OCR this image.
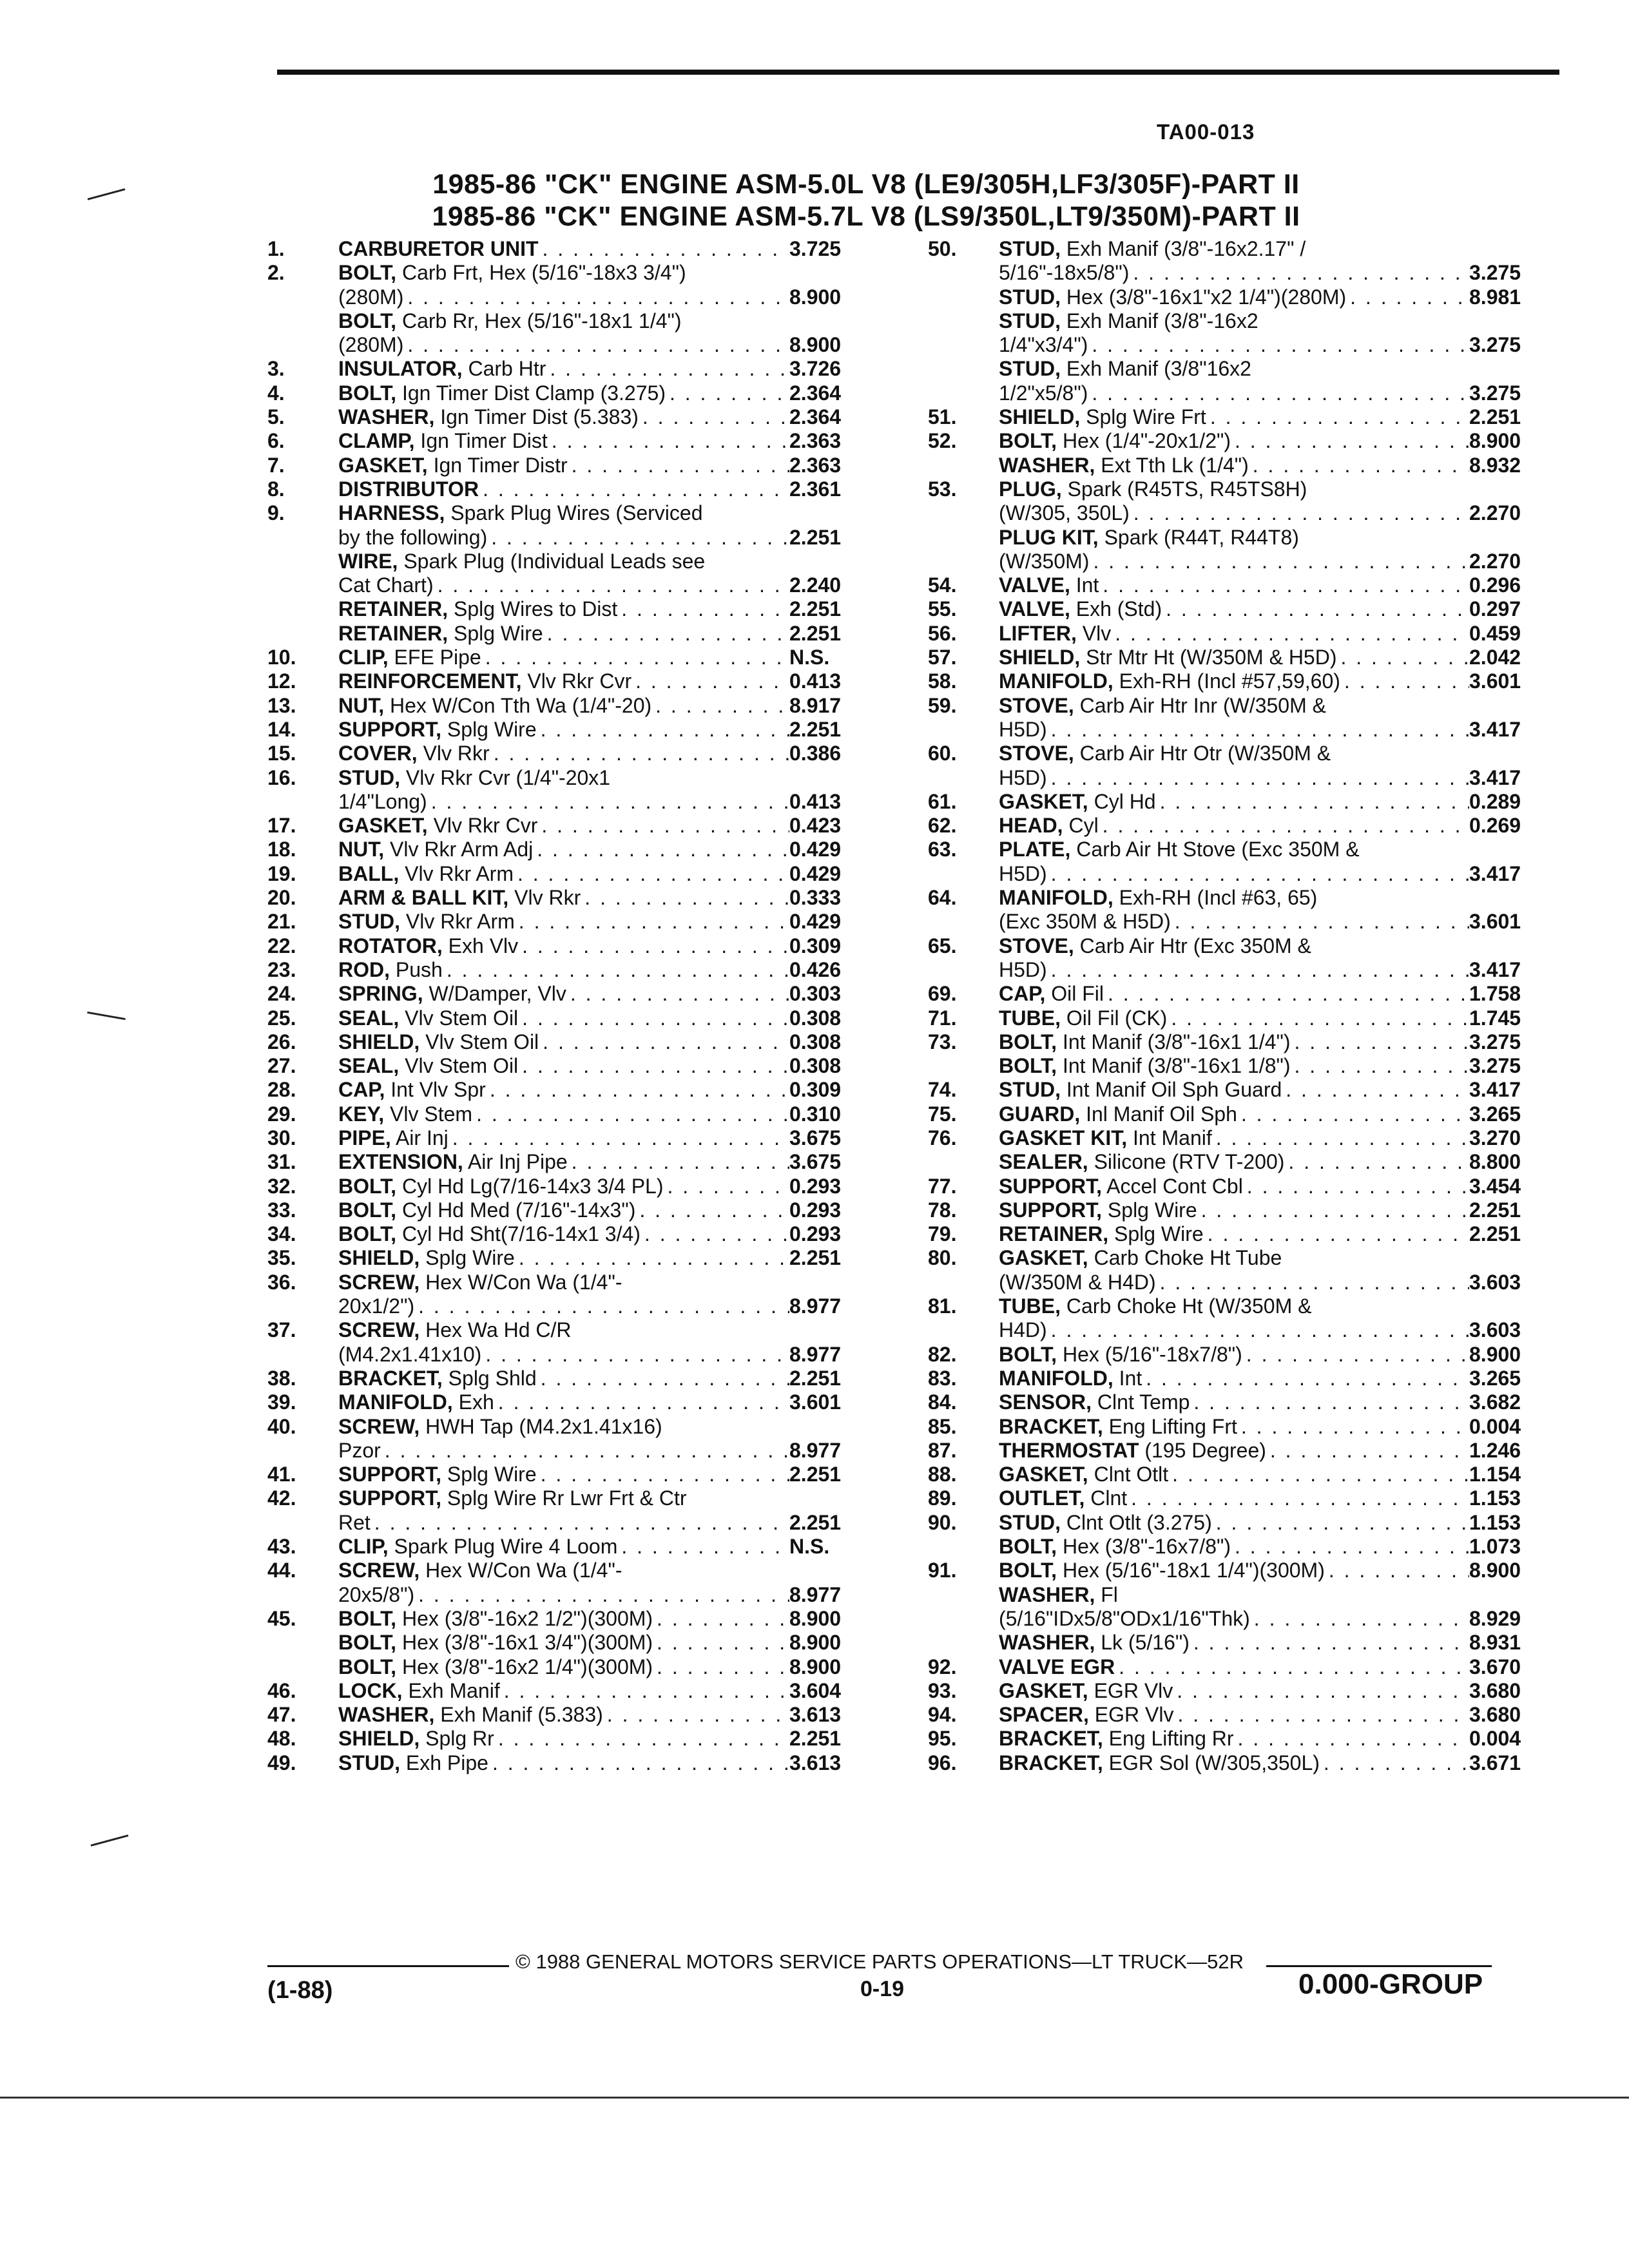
TA00-013
1985-86 "CK" ENGINE ASM-5.0L V8 (LE9/305H,LF3/305F)-PART II
1985-86 "CK" ENGINE ASM-5.7L V8 (LS9/350L,LT9/350M)-PART II
1.	CARBURETOR UNIT . . .	3.725
2.	BOLT, Carb Frt, Hex (5/16"-18x3 3/4")
(280M) . . .	8.900
BOLT, Carb Rr, Hex (5/16"-18x1 1/4")
(280M) . . .	8.900
3.	INSULATOR, Carb Htr . . .	3.726
4.	BOLT, Ign Timer Dist Clamp (3.275) . . .	2.364
5.	WASHER, Ign Timer Dist (5.383) . . .	2.364
6.	CLAMP, Ign Timer Dist . . .	2.363
7.	GASKET, Ign Timer Distr . . .	2.363
8.	DISTRIBUTOR . . .	2.361
9.	HARNESS, Spark Plug Wires (Serviced
by the following) . . .	2.251
WIRE, Spark Plug (Individual Leads see
Cat Chart) . . .	2.240
RETAINER, Splg Wires to Dist . . .	2.251
RETAINER, Splg Wire . . .	2.251
10.	CLIP, EFE Pipe . . .	N.S.
12.	REINFORCEMENT, Vlv Rkr Cvr . . .	0.413
13.	NUT, Hex W/Con Tth Wa (1/4"-20) . . .	8.917
14.	SUPPORT, Splg Wire . . .	2.251
15.	COVER, Vlv Rkr . . .	0.386
16.	STUD, Vlv Rkr Cvr (1/4"-20x1
1/4"Long) . . .	0.413
17.	GASKET, Vlv Rkr Cvr . . .	0.423
18.	NUT, Vlv Rkr Arm Adj . . .	0.429
19.	BALL, Vlv Rkr Arm . . .	0.429
20.	ARM & BALL KIT, Vlv Rkr . . .	0.333
21.	STUD, Vlv Rkr Arm . . .	0.429
22.	ROTATOR, Exh Vlv . . .	0.309
23.	ROD, Push . . .	0.426
24.	SPRING, W/Damper, Vlv . . .	0.303
25.	SEAL, Vlv Stem Oil . . .	0.308
26.	SHIELD, Vlv Stem Oil . . .	0.308
27.	SEAL, Vlv Stem Oil . . .	0.308
28.	CAP, Int Vlv Spr . . .	0.309
29.	KEY, Vlv Stem . . .	0.310
30.	PIPE, Air Inj . . .	3.675
31.	EXTENSION, Air Inj Pipe . . .	3.675
32.	BOLT, Cyl Hd Lg(7/16-14x3 3/4 PL) . . .	0.293
33.	BOLT, Cyl Hd Med (7/16"-14x3") . . .	0.293
34.	BOLT, Cyl Hd Sht(7/16-14x1 3/4) . . .	0.293
35.	SHIELD, Splg Wire . . .	2.251
36.	SCREW, Hex W/Con Wa (1/4"-
20x1/2") . . .	8.977
37.	SCREW, Hex Wa Hd C/R
(M4.2x1.41x10) . . .	8.977
38.	BRACKET, Splg Shld . . .	2.251
39.	MANIFOLD, Exh . . .	3.601
40.	SCREW, HWH Tap (M4.2x1.41x16)
Pzor . . .	8.977
41.	SUPPORT, Splg Wire . . .	2.251
42.	SUPPORT, Splg Wire Rr Lwr Frt & Ctr
Ret . . .	2.251
43.	CLIP, Spark Plug Wire 4 Loom . . .	N.S.
44.	SCREW, Hex W/Con Wa (1/4"-
20x5/8") . . .	8.977
45.	BOLT, Hex (3/8"-16x2 1/2")(300M) . . .	8.900
BOLT, Hex (3/8"-16x1 3/4")(300M) . . .	8.900
BOLT, Hex (3/8"-16x2 1/4")(300M) . . .	8.900
46.	LOCK, Exh Manif . . .	3.604
47.	WASHER, Exh Manif (5.383) . . .	3.613
48.	SHIELD, Splg Rr . . .	2.251
49.	STUD, Exh Pipe . . .	3.613
50.	STUD, Exh Manif (3/8"-16x2.17" /
5/16"-18x5/8") . . .	3.275
STUD, Hex (3/8"-16x1"x2 1/4")(280M) . . .	8.981
STUD, Exh Manif (3/8"-16x2
1/4"x3/4") . . .	3.275
STUD, Exh Manif (3/8"16x2
1/2"x5/8") . . .	3.275
51.	SHIELD, Splg Wire Frt . . .	2.251
52.	BOLT, Hex (1/4"-20x1/2") . . .	8.900
WASHER, Ext Tth Lk (1/4") . . .	8.932
53.	PLUG, Spark (R45TS, R45TS8H)
(W/305, 350L) . . .	2.270
PLUG KIT, Spark (R44T, R44T8)
(W/350M) . . .	2.270
54.	VALVE, Int . . .	0.296
55.	VALVE, Exh (Std) . . .	0.297
56.	LIFTER, Vlv . . .	0.459
57.	SHIELD, Str Mtr Ht (W/350M & H5D) . . .	2.042
58.	MANIFOLD, Exh-RH (Incl #57,59,60) . . .	3.601
59.	STOVE, Carb Air Htr Inr (W/350M &
H5D) . . .	3.417
60.	STOVE, Carb Air Htr Otr (W/350M &
H5D) . . .	3.417
61.	GASKET, Cyl Hd . . .	0.289
62.	HEAD, Cyl . . .	0.269
63.	PLATE, Carb Air Ht Stove (Exc 350M &
H5D) . . .	3.417
64.	MANIFOLD, Exh-RH (Incl #63, 65)
(Exc 350M & H5D) . . .	3.601
65.	STOVE, Carb Air Htr (Exc 350M &
H5D) . . .	3.417
69.	CAP, Oil Fil . . .	1.758
71.	TUBE, Oil Fil (CK) . . .	1.745
73.	BOLT, Int Manif (3/8"-16x1 1/4") . . .	3.275
BOLT, Int Manif (3/8"-16x1 1/8") . . .	3.275
74.	STUD, Int Manif Oil Sph Guard . . .	3.417
75.	GUARD, Inl Manif Oil Sph . . .	3.265
76.	GASKET KIT, Int Manif . . .	3.270
SEALER, Silicone (RTV T-200) . . .	8.800
77.	SUPPORT, Accel Cont Cbl . . .	3.454
78.	SUPPORT, Splg Wire . . .	2.251
79.	RETAINER, Splg Wire . . .	2.251
80.	GASKET, Carb Choke Ht Tube
(W/350M & H4D) . . .	3.603
81.	TUBE, Carb Choke Ht (W/350M &
H4D) . . .	3.603
82.	BOLT, Hex (5/16"-18x7/8") . . .	8.900
83.	MANIFOLD, Int . . .	3.265
84.	SENSOR, Clnt Temp . . .	3.682
85.	BRACKET, Eng Lifting Frt . . .	0.004
87.	THERMOSTAT (195 Degree) . . .	1.246
88.	GASKET, Clnt Otlt . . .	1.154
89.	OUTLET, Clnt . . .	1.153
90.	STUD, Clnt Otlt (3.275) . . .	1.153
BOLT, Hex (3/8"-16x7/8") . . .	1.073
91.	BOLT, Hex (5/16"-18x1 1/4")(300M) . . .	8.900
WASHER, Fl
(5/16"IDx5/8"ODx1/16"Thk) . . .	8.929
WASHER, Lk (5/16") . . .	8.931
92.	VALVE EGR . . .	3.670
93.	GASKET, EGR Vlv . . .	3.680
94.	SPACER, EGR Vlv . . .	3.680
95.	BRACKET, Eng Lifting Rr . . .	0.004
96.	BRACKET, EGR Sol (W/305,350L) . . .	3.671
© 1988 GENERAL MOTORS SERVICE PARTS OPERATIONS—LT TRUCK—52R
(1-88)	0-19	0.000-GROUP
